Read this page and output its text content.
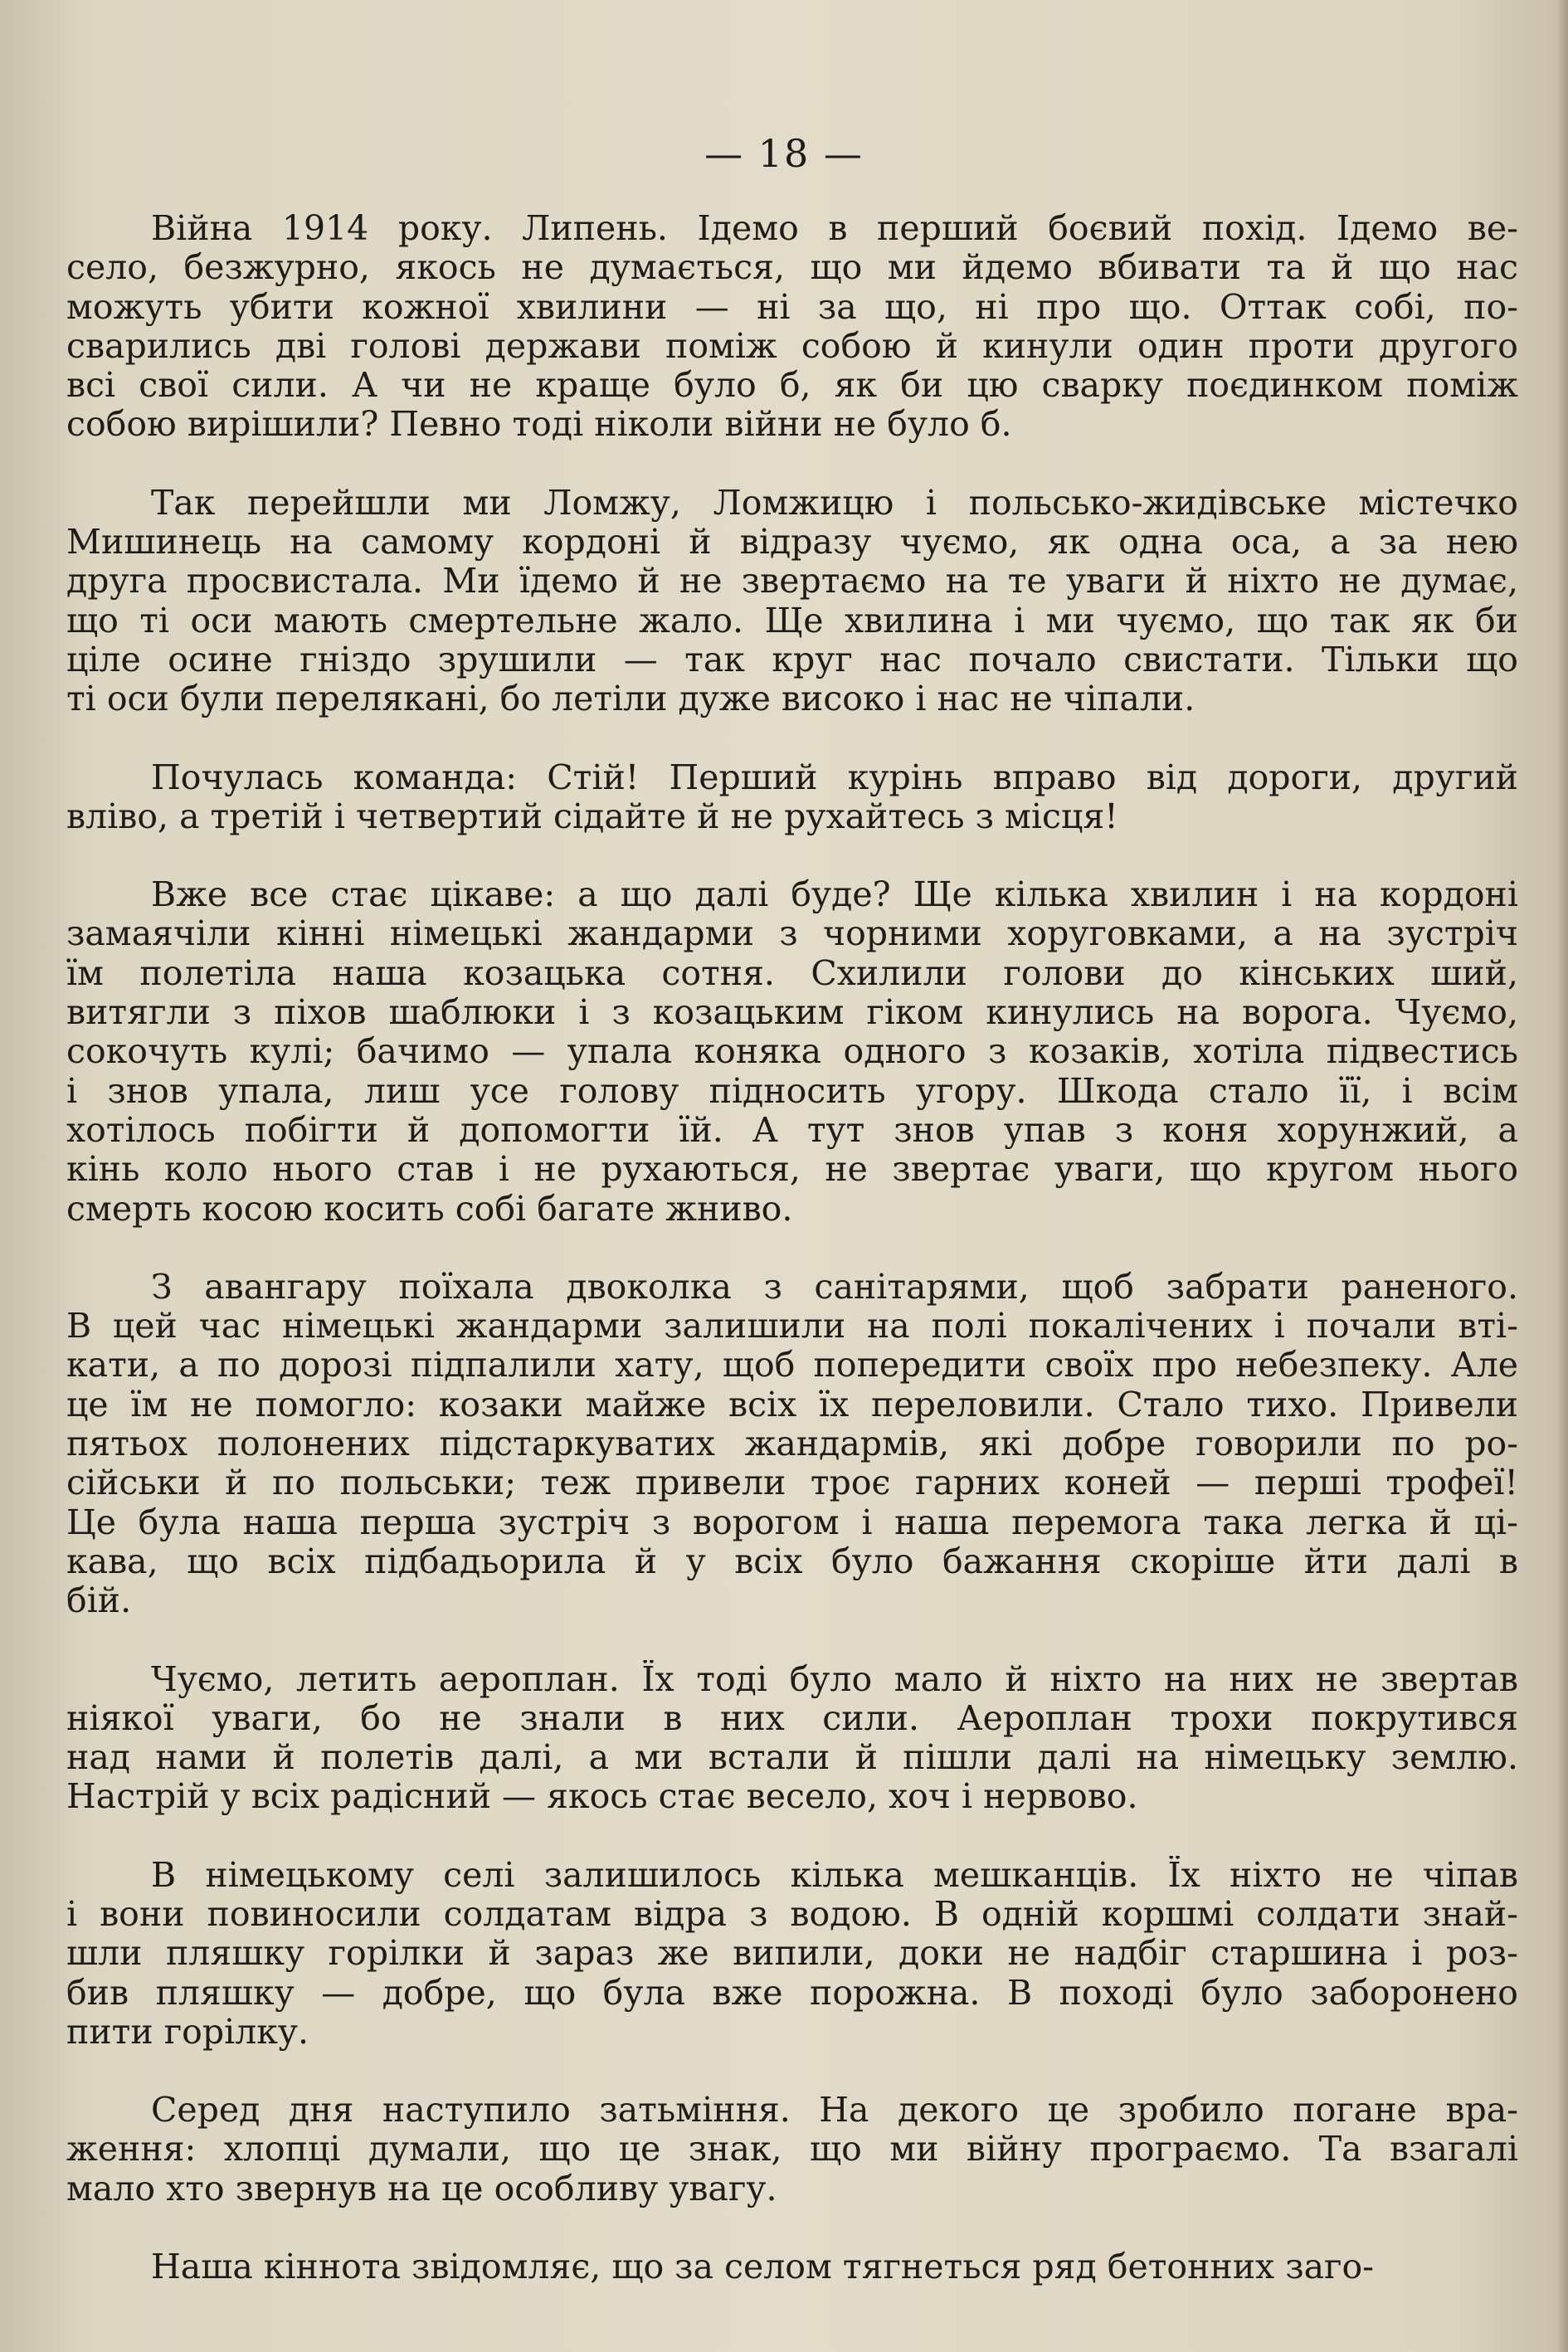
— 18 —
Війна 1914 року. Липень. Ідемо в перший боєвий похід. Ідемо ве-
село, безжурно, якось не думається, що ми йдемо вбивати та й що нас
можуть убити кожної хвилини — ні за що, ні про що. Оттак собі, по-
сварились дві голові держави поміж собою й кинули один проти другого
всі свої сили. А чи не краще було б, як би цю сварку поєдинком поміж
собою вирішили? Певно тоді ніколи війни не було б.
Так перейшли ми Ломжу, Ломжицю і польсько-жидівське містечко
Мишинець на самому кордоні й відразу чуємо, як одна оса, а за нею
друга просвистала. Ми їдемо й не звертаємо на те уваги й ніхто не думає,
що ті оси мають смертельне жало. Ще хвилина і ми чуємо, що так як би
ціле осине гніздо зрушили — так круг нас почало свистати. Тільки що
ті оси були перелякані, бо летіли дуже високо і нас не чіпали.
Почулась команда: Стій! Перший курінь вправо від дороги, другий
вліво, а третій і четвертий сідайте й не рухайтесь з місця!
Вже все стає цікаве: а що далі буде? Ще кілька хвилин і на кордоні
замаячіли кінні німецькі жандарми з чорними хоруговками, а на зустріч
їм полетіла наша козацька сотня. Схилили голови до кінських ший,
витягли з піхов шаблюки і з козацьким гіком кинулись на ворога. Чуємо,
сокочуть кулі; бачимо — упала коняка одного з козаків, хотіла підвестись
і знов упала, лиш усе голову підносить угору. Шкода стало її, і всім
хотілось побігти й допомогти їй. А тут знов упав з коня хорунжий, а
кінь коло нього став і не рухаються, не звертає уваги, що кругом нього
смерть косою косить собі багате жниво.
З авангару поїхала двоколка з санітарями, щоб забрати раненого.
В цей час німецькі жандарми залишили на полі покалічених і почали вті-
кати, а по дорозі підпалили хату, щоб попередити своїх про небезпеку. Але
це їм не помогло: козаки майже всіх їх переловили. Стало тихо. Привели
пятьох полонених підстаркуватих жандармів, які добре говорили по ро-
сійськи й по польськи; теж привели троє гарних коней — перші трофеї!
Це була наша перша зустріч з ворогом і наша перемога така легка й ці-
кава, що всіх підбадьорила й у всіх було бажання скоріше йти далі в
бій.
Чуємо, летить аероплан. Їх тоді було мало й ніхто на них не звертав
ніякої уваги, бо не знали в них сили. Аероплан трохи покрутився
над нами й полетів далі, а ми встали й пішли далі на німецьку землю.
Настрій у всіх радісний — якось стає весело, хоч і нервово.
В німецькому селі залишилось кілька мешканців. Їх ніхто не чіпав
і вони повиносили солдатам відра з водою. В одній коршмі солдати знай-
шли пляшку горілки й зараз же випили, доки не надбіг старшина і роз-
бив пляшку — добре, що була вже порожна. В поході було заборонено
пити горілку.
Серед дня наступило затьміння. На декого це зробило погане вра-
ження: хлопці думали, що це знак, що ми війну програємо. Та взагалі
мало хто звернув на це особливу увагу.
Наша кіннота звідомляє, що за селом тягнеться ряд бетонних заго-
